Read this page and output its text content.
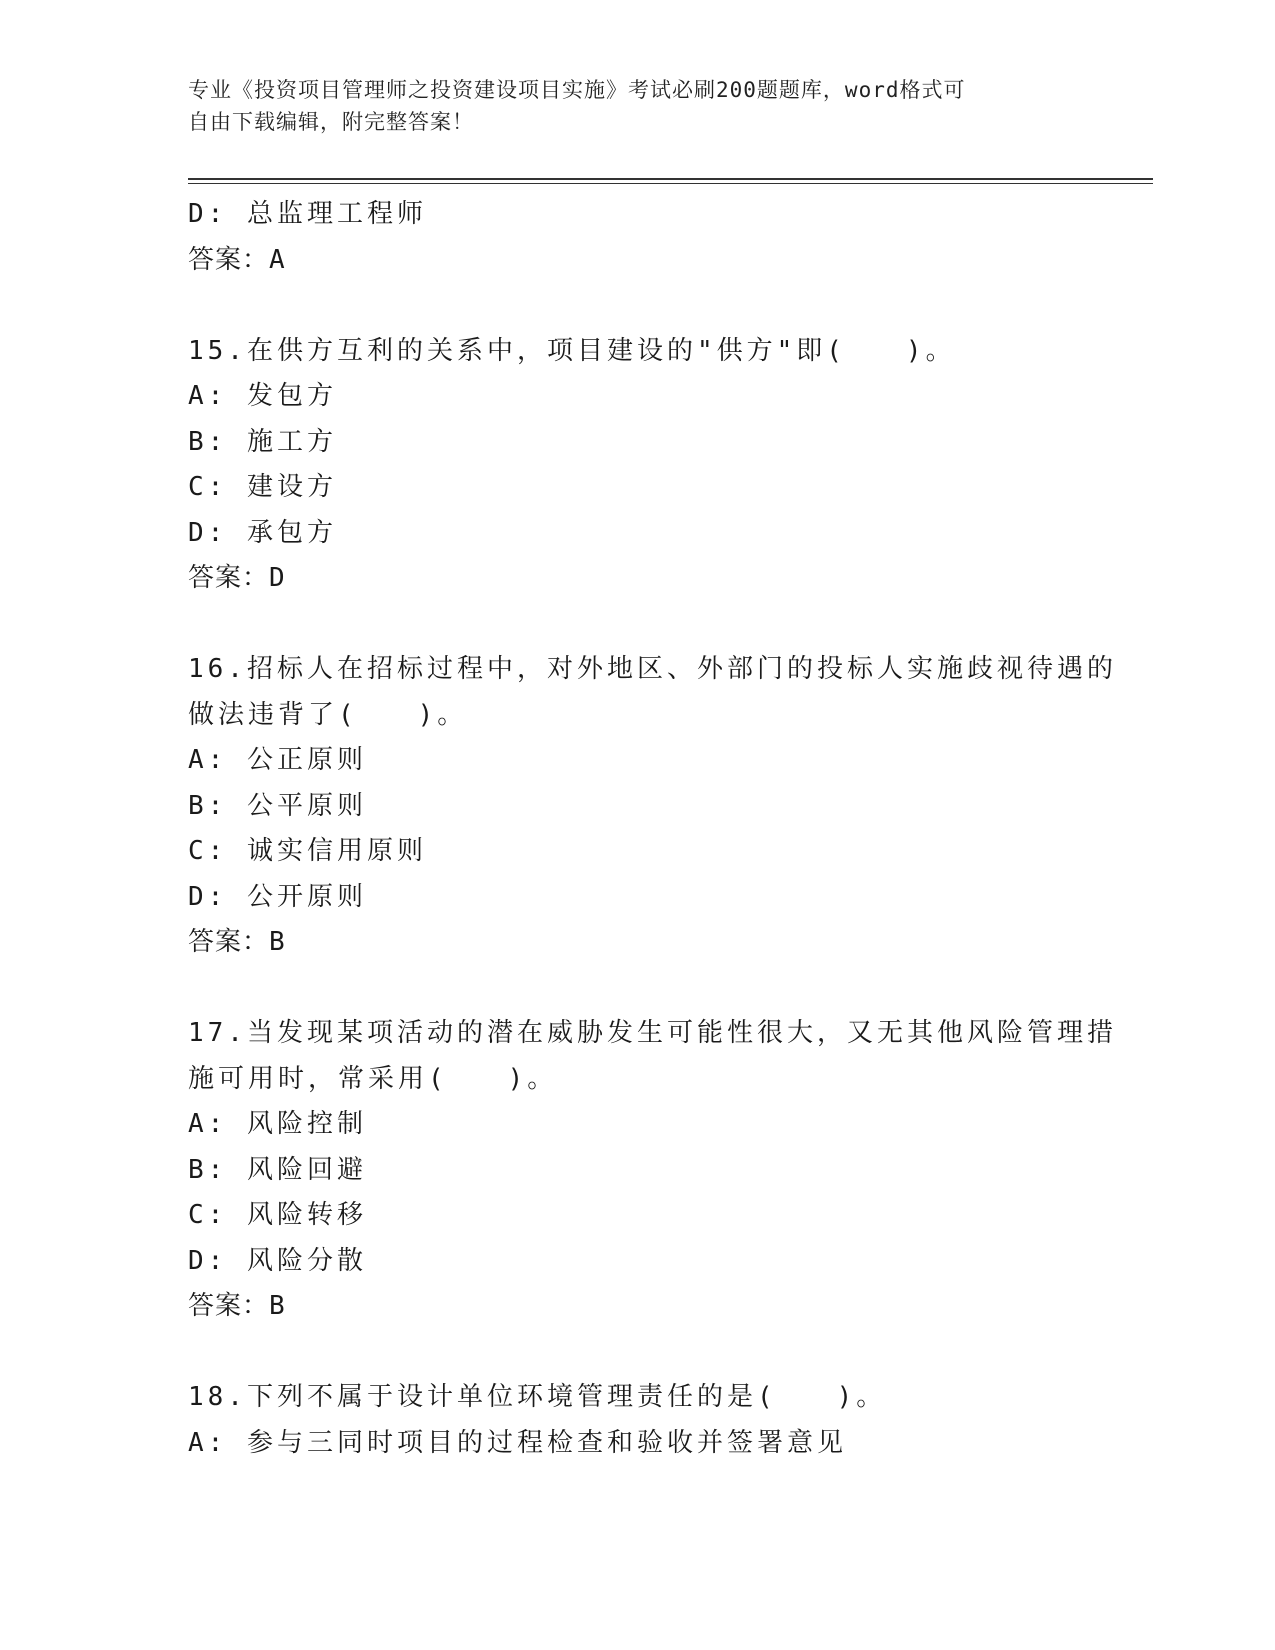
专业《投资项目管理师之投资建设项目实施》考试必刷200题题库，word格式可
自由下载编辑，附完整答案！
D: 总监理工程师
答案：A
15.在供方互利的关系中，项目建设的"供方"即(　　)。
A: 发包方
B: 施工方
C: 建设方
D: 承包方
答案：D
16.招标人在招标过程中，对外地区、外部门的投标人实施歧视待遇的
做法违背了(　　)。
A: 公正原则
B: 公平原则
C: 诚实信用原则
D: 公开原则
答案：B
17.当发现某项活动的潜在威胁发生可能性很大，又无其他风险管理措
施可用时，常采用(　　)。
A: 风险控制
B: 风险回避
C: 风险转移
D: 风险分散
答案：B
18.下列不属于设计单位环境管理责任的是(　　)。
A: 参与三同时项目的过程检查和验收并签署意见
